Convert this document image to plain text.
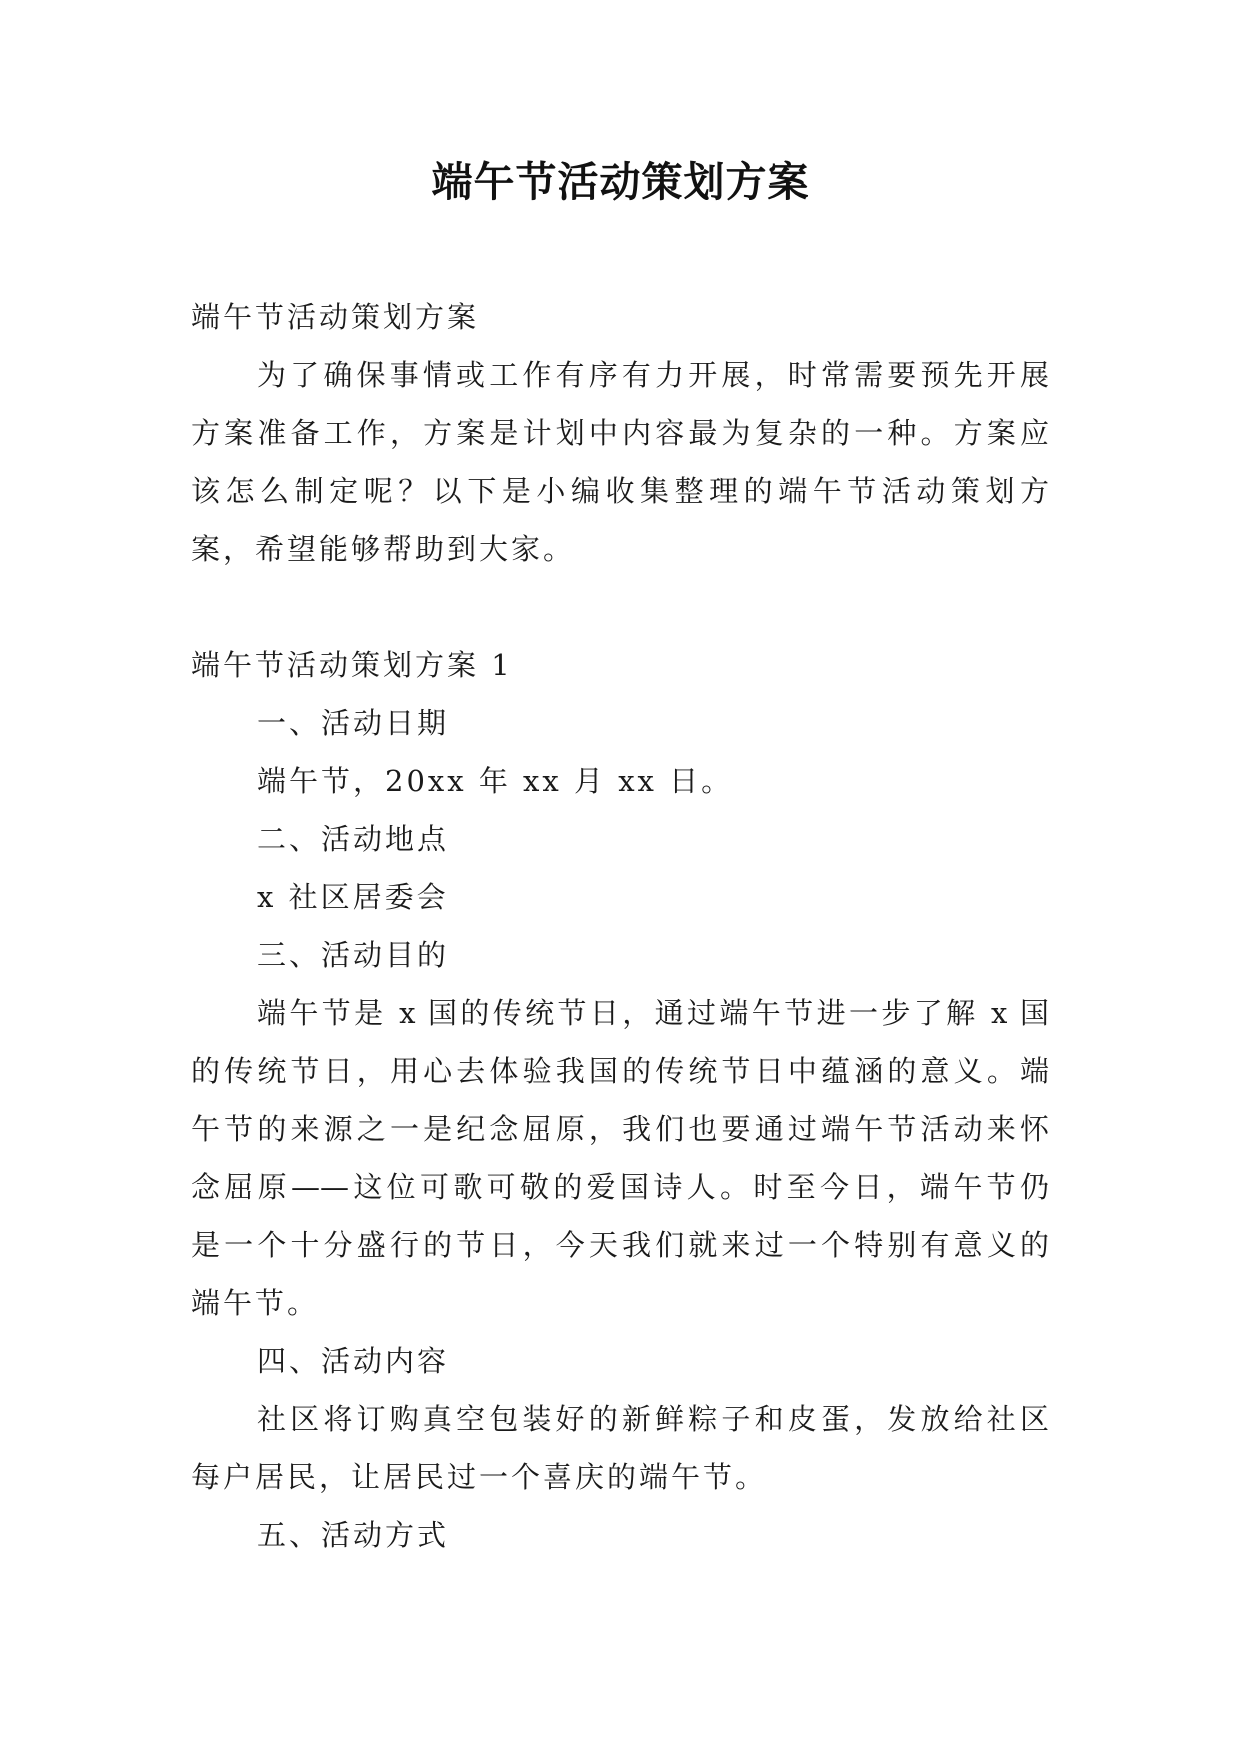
端午节活动策划方案
端午节活动策划方案
为了确保事情或工作有序有力开展，时常需要预先开展
方案准备工作，方案是计划中内容最为复杂的一种。方案应
该怎么制定呢？以下是小编收集整理的端午节活动策划方
案，希望能够帮助到大家。
端午节活动策划方案 1
一、活动日期
端午节，20xx 年 xx 月 xx 日。
二、活动地点
x 社区居委会
三、活动目的
端午节是 x 国的传统节日，通过端午节进一步了解 x 国
的传统节日，用心去体验我国的传统节日中蕴涵的意义。端
午节的来源之一是纪念屈原，我们也要通过端午节活动来怀
念屈原——这位可歌可敬的爱国诗人。时至今日，端午节仍
是一个十分盛行的节日，今天我们就来过一个特别有意义的
端午节。
四、活动内容
社区将订购真空包装好的新鲜粽子和皮蛋，发放给社区
每户居民，让居民过一个喜庆的端午节。
五、活动方式
